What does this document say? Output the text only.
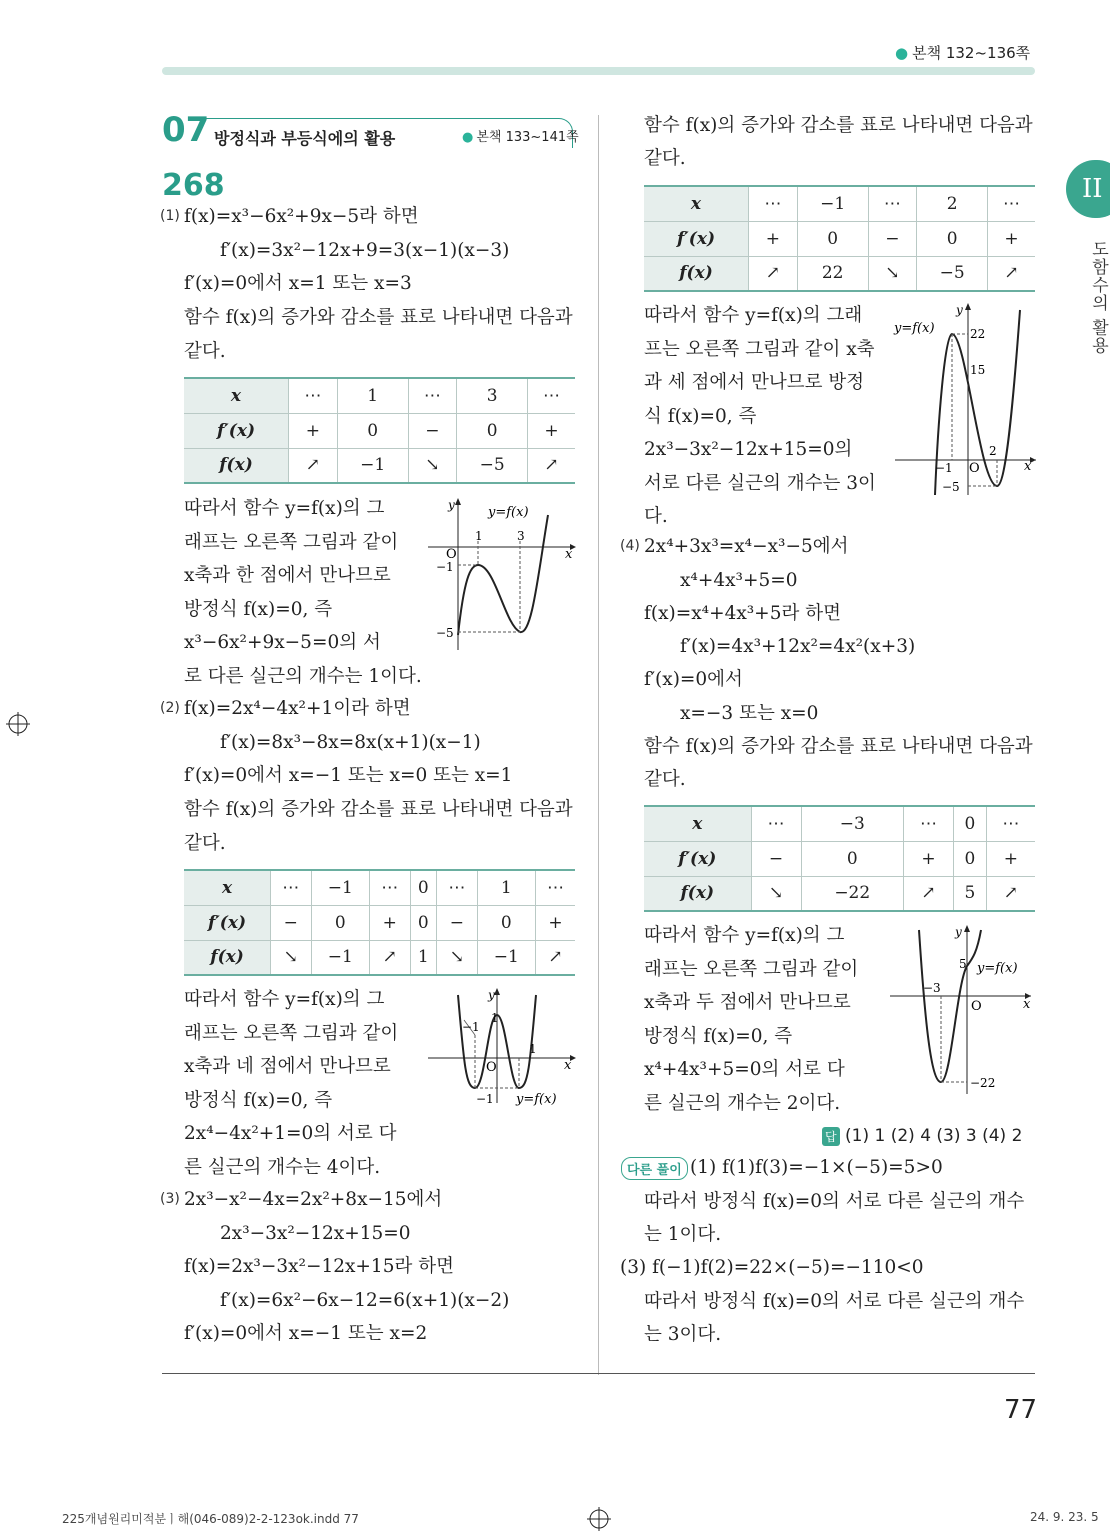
● 본책 132~136쪽
II
도함수의 활용
07 방정식과 부등식에의 활용	● 본책 133~141쪽
268
(1) f(x)=x³−6x²+9x−5라 하면
f′(x)=3x²−12x+9=3(x−1)(x−3)
f′(x)=0에서 x=1 또는 x=3
함수 f(x)의 증가와 감소를 표로 나타내면 다음과
같다.
x	⋯	1	⋯	3	⋯
f′(x)	+	0	−	0	+
f(x)	↗	−1	↘	−5	↗
따라서 함수 y=f(x)의 그
래프는 오른쪽 그림과 같이
x축과 한 점에서 만나므로
방정식 f(x)=0, 즉
x³−6x²+9x−5=0의 서
로 다른 실근의 개수는 1이다.
y	y=f(x)
1	3
O	x
−1
−5
(2) f(x)=2x⁴−4x²+1이라 하면
f′(x)=8x³−8x=8x(x+1)(x−1)
f′(x)=0에서 x=−1 또는 x=0 또는 x=1
함수 f(x)의 증가와 감소를 표로 나타내면 다음과
같다.
x	⋯	−1	⋯	0	⋯	1	⋯
f′(x)	−	0	+	0	−	0	+
f(x)	↘	−1	↗	1	↘	−1	↗
따라서 함수 y=f(x)의 그
래프는 오른쪽 그림과 같이
x축과 네 점에서 만나므로
방정식 f(x)=0, 즉
2x⁴−4x²+1=0의 서로 다
른 실근의 개수는 4이다.
y
−1
1
1
O	x
−1 y=f(x)
(3) 2x³−x²−4x=2x²+8x−15에서
2x³−3x²−12x+15=0
f(x)=2x³−3x²−12x+15라 하면
f′(x)=6x²−6x−12=6(x+1)(x−2)
f′(x)=0에서 x=−1 또는 x=2
함수 f(x)의 증가와 감소를 표로 나타내면 다음과
같다.
x	⋯	−1	⋯	2	⋯
f′(x)	+	0	−	0	+
f(x)	↗	22	↘	−5	↗
따라서 함수 y=f(x)의 그래
프는 오른쪽 그림과 같이 x축
과 세 점에서 만나므로 방정
식 f(x)=0, 즉
2x³−3x²−12x+15=0의
서로 다른 실근의 개수는 3이
다.
y
y=f(x)	22
15
2
−1 O	x
−5
(4) 2x⁴+3x³=x⁴−x³−5에서
x⁴+4x³+5=0
f(x)=x⁴+4x³+5라 하면
f′(x)=4x³+12x²=4x²(x+3)
f′(x)=0에서
x=−3 또는 x=0
함수 f(x)의 증가와 감소를 표로 나타내면 다음과
같다.
x	⋯	−3	⋯	0	⋯
f′(x)	−	0	+	0	+
f(x)	↘	−22	↗	5	↗
따라서 함수 y=f(x)의 그
래프는 오른쪽 그림과 같이
x축과 두 점에서 만나므로
방정식 f(x)=0, 즉
x⁴+4x³+5=0의 서로 다
른 실근의 개수는 2이다.
y
5 y=f(x)
−3
O	x
−22
답 (1) 1 (2) 4 (3) 3 (4) 2
다른 풀이 (1) f(1)f(3)=−1×(−5)=5>0
따라서 방정식 f(x)=0의 서로 다른 실근의 개수
는 1이다.
(3) f(−1)f(2)=22×(−5)=−110<0
따라서 방정식 f(x)=0의 서로 다른 실근의 개수
는 3이다.
77
225개념원리미적분ㅣ해(046-089)2-2-123ok.indd 77	24. 9. 23. 5
